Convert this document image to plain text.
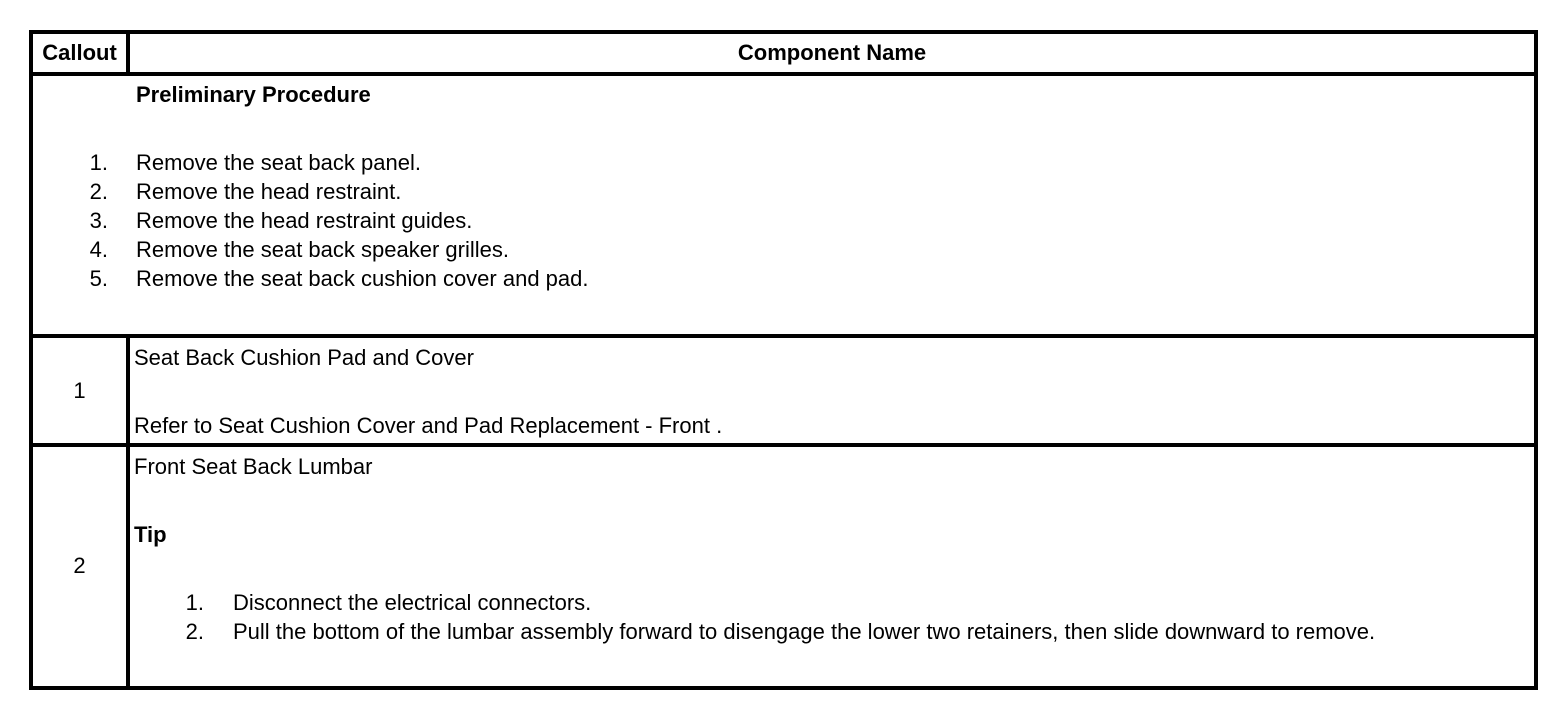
Callout	Component Name
Preliminary Procedure
1. Remove the seat back panel.
2. Remove the head restraint.
3. Remove the head restraint guides.
4. Remove the seat back speaker grilles.
5. Remove the seat back cushion cover and pad.
1
Seat Back Cushion Pad and Cover
Refer to Seat Cushion Cover and Pad Replacement - Front .
2
Front Seat Back Lumbar
Tip
1. Disconnect the electrical connectors.
2. Pull the bottom of the lumbar assembly forward to disengage the lower two retainers, then slide downward to remove.
